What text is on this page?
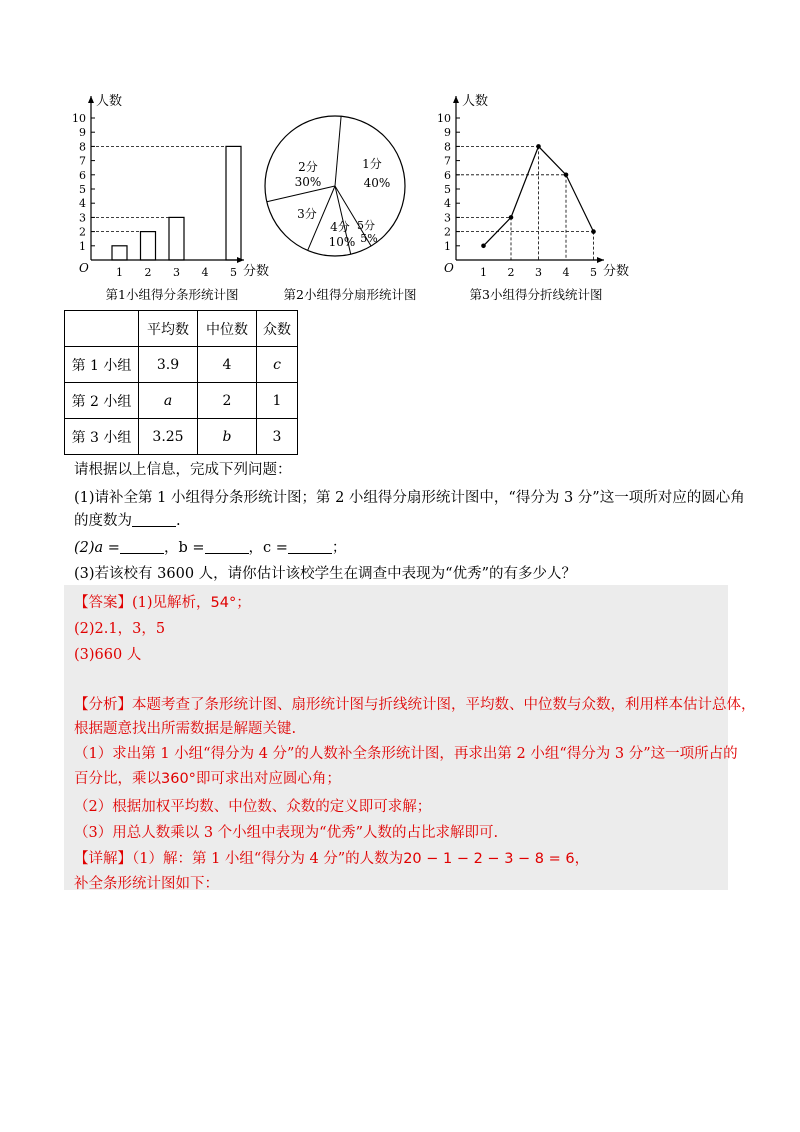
1
2
3
4
5
6
7
8
9
10
1 2 3 4 5
人数
分数
O
第1小组得分条形统计图
1分
40%
5分
5%
4分
10%
3分
2分
30%
第2小组得分扇形统计图
1
2
3
4
5
6
7
8
9
10
1 2 3 4 5
人数
分数
O
第3小组得分折线统计图
	平均数	中位数	众数
第 1 小组	3.9	4	c
第 2 小组	a	2	1
第 3 小组	3.25	b	3
请根据以上信息，完成下列问题：
(1)请补全第 1 小组得分条形统计图；第 2 小组得分扇形统计图中，“得分为 3 分”这一项所对应的圆心角
的度数为	.
(2)a =	，b =	，c =	；
(3)若该校有 3600 人，请你估计该校学生在调查中表现为“优秀”的有多少人？
【答案】(1)见解析，54°；
(2)2.1，3，5
(3)660 人
【分析】本题考查了条形统计图、扇形统计图与折线统计图，平均数、中位数与众数，利用样本估计总体，
根据题意找出所需数据是解题关键.
（1）求出第 1 小组“得分为 4 分”的人数补全条形统计图，再求出第 2 小组“得分为 3 分”这一项所占的
百分比，乘以360°即可求出对应圆心角；
（2）根据加权平均数、中位数、众数的定义即可求解；
（3）用总人数乘以 3 个小组中表现为“优秀”人数的占比求解即可.
【详解】（1）解：第 1 小组“得分为 4 分”的人数为20 − 1 − 2 − 3 − 8 = 6，
补全条形统计图如下：
